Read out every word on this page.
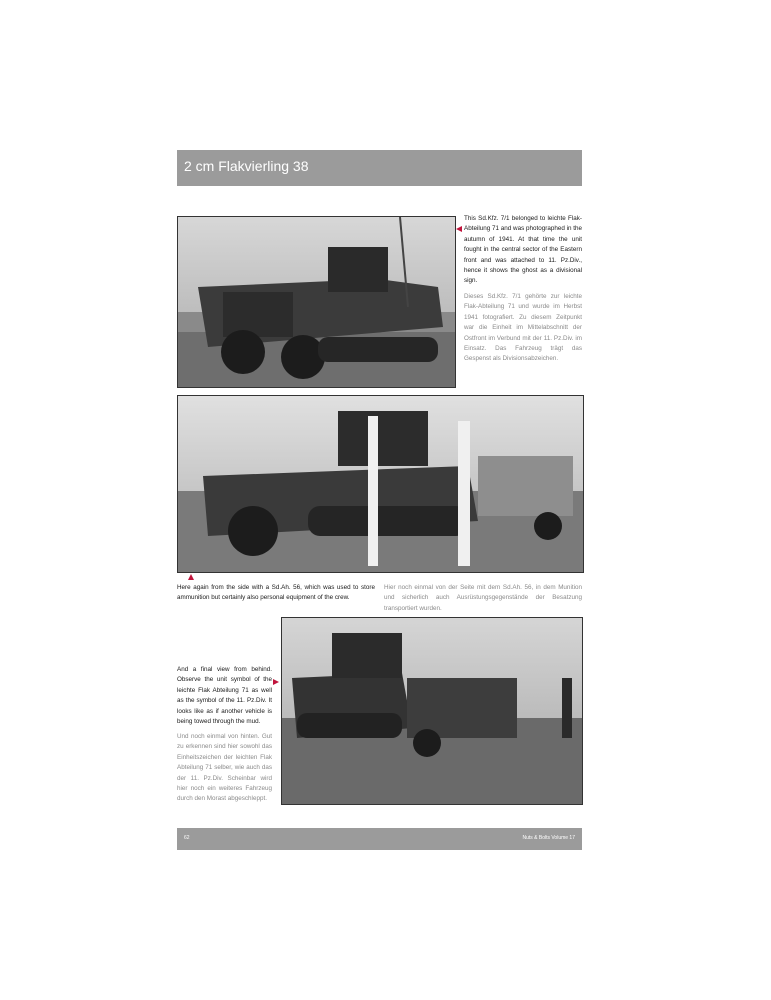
2 cm Flakvierling 38
This Sd.Kfz. 7/1 belonged to leichte Flak-Abteilung 71 and was photographed in the autumn of 1941. At that time the unit fought in the central sector of the Eastern front and was attached to 11. Pz.Div., hence it shows the ghost as a divisional sign.
Dieses Sd.Kfz. 7/1 gehörte zur leichte Flak-Abteilung 71 und wurde im Herbst 1941 fotografiert. Zu diesem Zeitpunkt war die Einheit im Mittelabschnitt der Ostfront im Verbund mit der 11. Pz.Div. im Einsatz. Das Fahrzeug trägt das Gespenst als Divisionsabzeichen.
Here again from the side with a Sd.Ah. 56, which was used to store ammunition but certainly also personal equipment of the crew.
Hier noch einmal von der Seite mit dem Sd.Ah. 56, in dem Munition und sicherlich auch Ausrüstungsgegenstände der Besatzung transportiert wurden.
And a final view from behind. Observe the unit symbol of the leichte Flak Abteilung 71 as well as the symbol of the 11. Pz.Div. It looks like as if another vehicle is being towed through the mud.
Und noch einmal von hinten. Gut zu erkennen sind hier sowohl das Einheitszeichen der leichten Flak Abteilung 71 selber, wie auch das der 11. Pz.Div. Scheinbar wird hier noch ein weiteres Fahrzeug durch den Morast abgeschleppt.
62	Nuts & Bolts Volume 17
